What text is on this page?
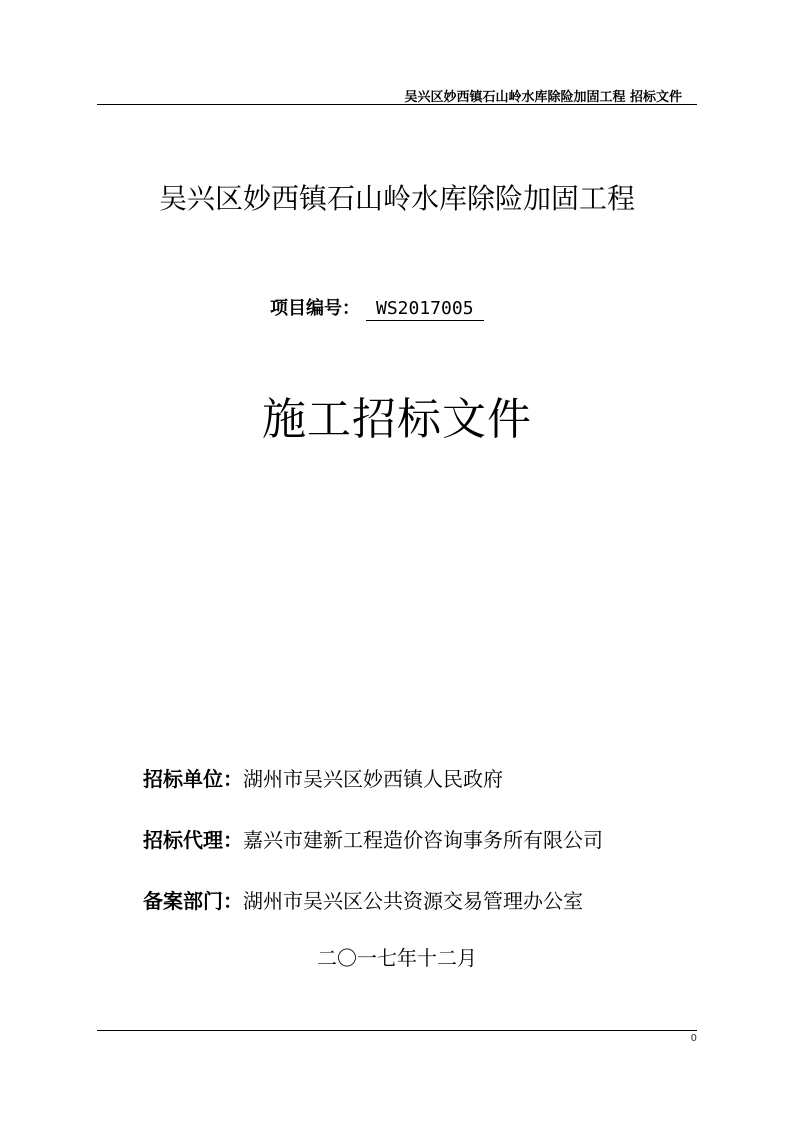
吴兴区妙西镇石山岭水库除险加固工程 招标文件
吴兴区妙西镇石山岭水库除险加固工程
项目编号： WS2017005
施工招标文件
招标单位：湖州市吴兴区妙西镇人民政府
招标代理：嘉兴市建新工程造价咨询事务所有限公司
备案部门：湖州市吴兴区公共资源交易管理办公室
二〇一七年十二月
0
